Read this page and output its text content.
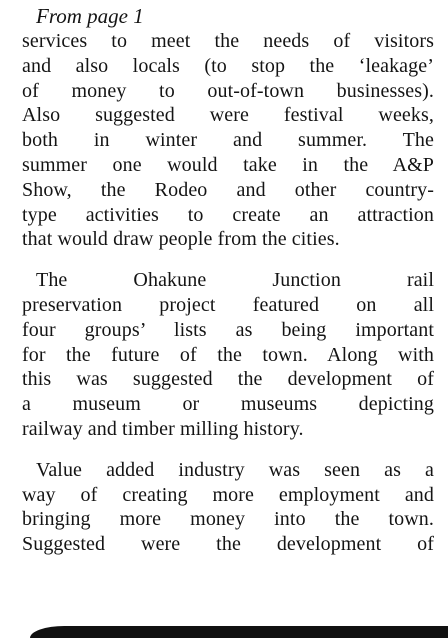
From page 1

services to meet the needs of visitors
and also locals (to stop the ‘leakage’
of money to out-of-town businesses).
Also suggested were festival weeks,
both in winter and summer. The
summer one would take in the A&P
Show, the Rodeo and other country-
type activities to create an attraction
that would draw people from the cities.

The Ohakune Junction rail
preservation project featured on all
four groups’ lists as being important
for the future of the town. Along with
this was suggested the development of
a museum or museums depicting
railway and timber milling history.

Value added industry was seen as a
way of creating more employment and
bringing more money into the town.
Suggested were the development of
